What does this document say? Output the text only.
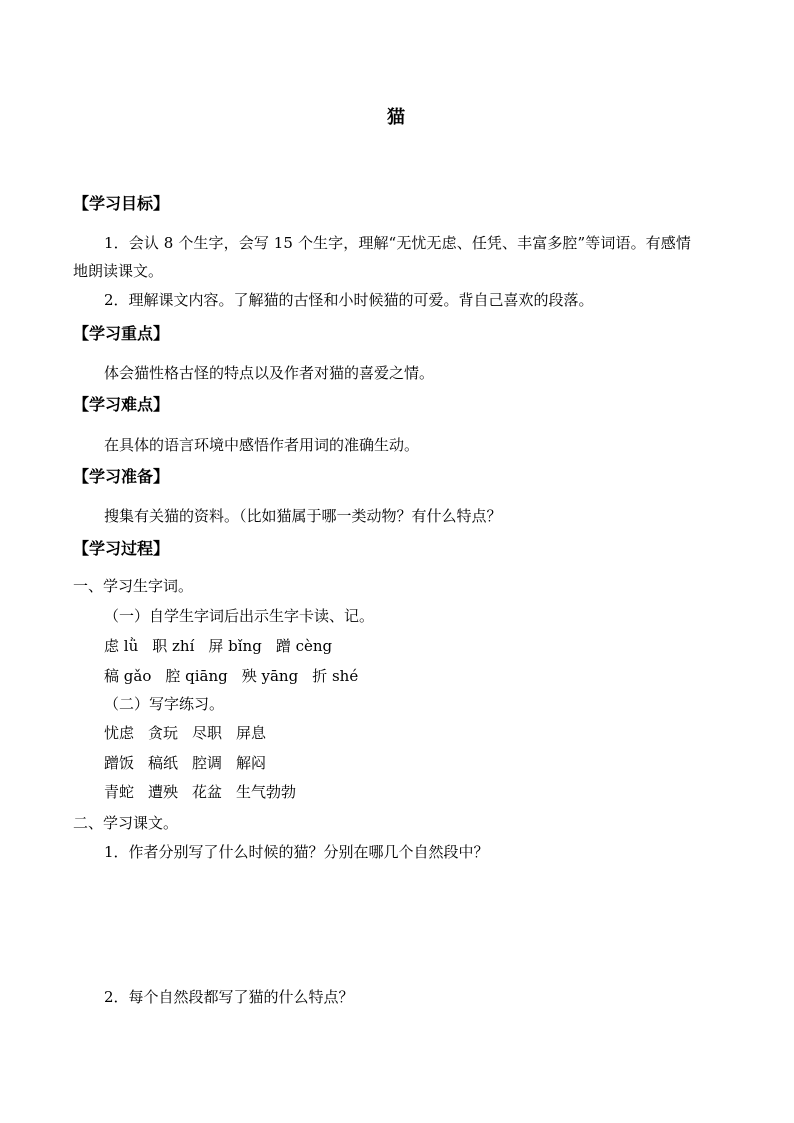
猫
【学习目标】
1．会认 8 个生字，会写 15 个生字，理解“无忧无虑、任凭、丰富多腔”等词语。有感情
地朗读课文。
2．理解课文内容。了解猫的古怪和小时候猫的可爱。背自己喜欢的段落。
【学习重点】
体会猫性格古怪的特点以及作者对猫的喜爱之情。
【学习难点】
在具体的语言环境中感悟作者用词的准确生动。
【学习准备】
搜集有关猫的资料。（比如猫属于哪一类动物？有什么特点？
【学习过程】
一、学习生字词。
（一）自学生字词后出示生字卡读、记。
虑 lǜ 职 zhí 屏 bǐng 蹭 cèng
稿 gǎo 腔 qiāng 殃 yāng 折 shé
（二）写字练习。
忧虑 贪玩 尽职 屏息
蹭饭 稿纸 腔调 解闷
青蛇 遭殃 花盆 生气勃勃
二、学习课文。
1．作者分别写了什么时候的猫？分别在哪几个自然段中？
2．每个自然段都写了猫的什么特点？
